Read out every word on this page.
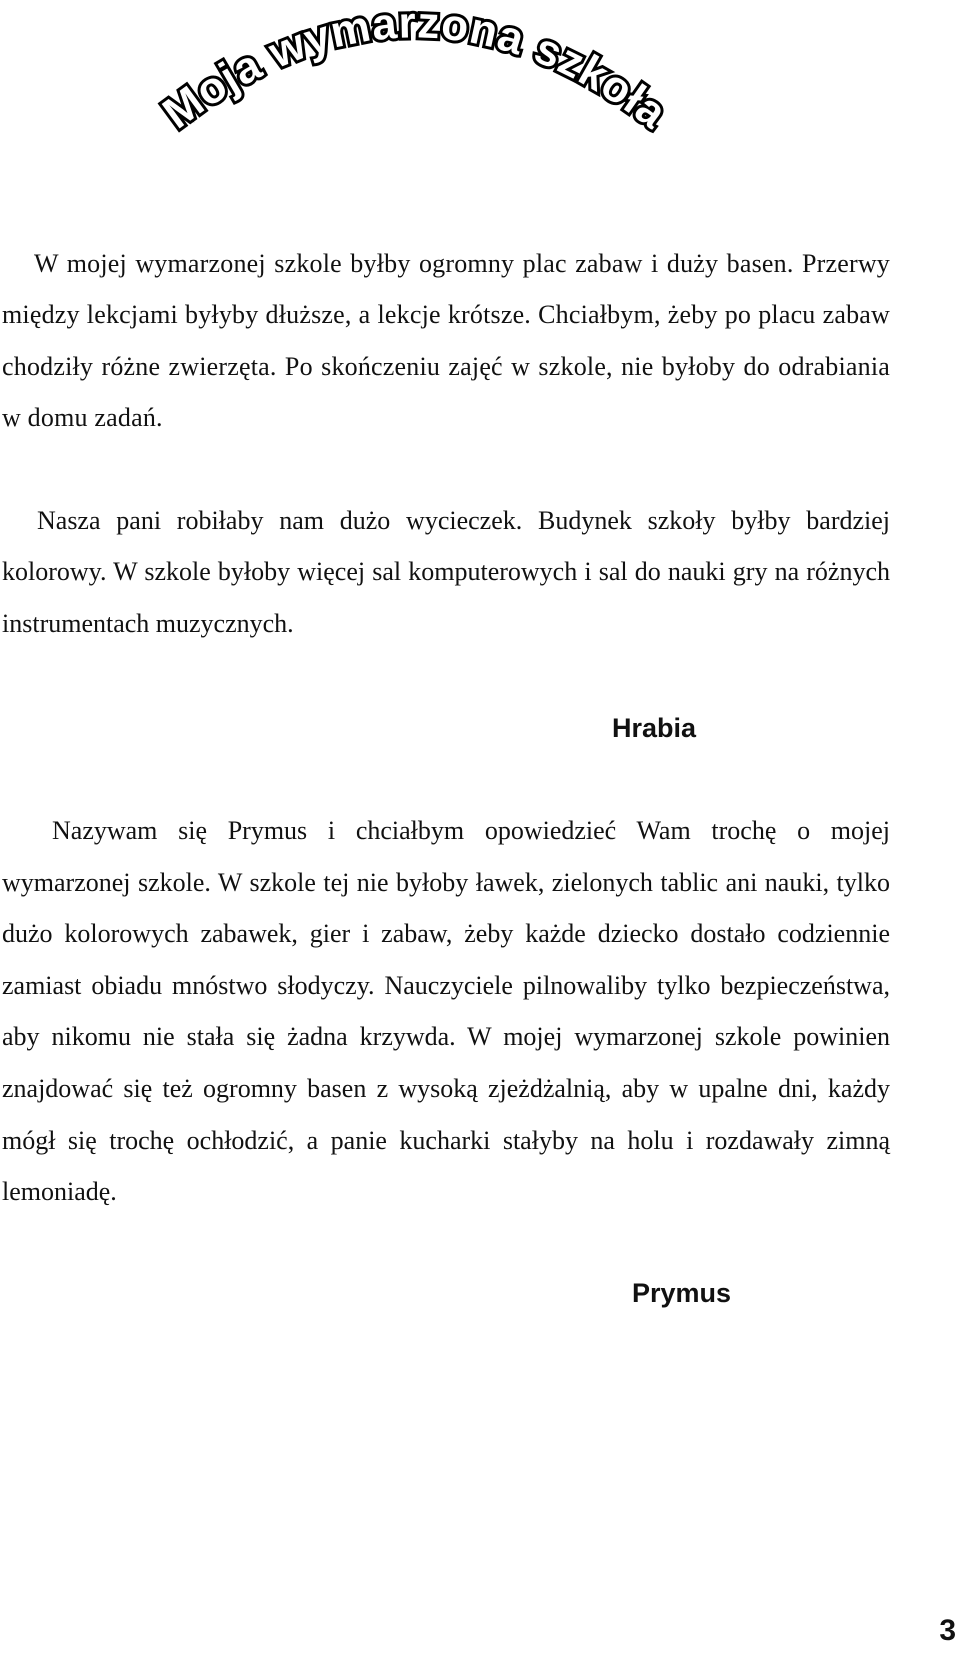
Moja wymarzona szkoła

W mojej wymarzonej szkole byłby ogromny plac zabaw i duży basen. Przerwy między lekcjami byłyby dłuższe, a lekcje krótsze. Chciałbym, żeby po placu zabaw chodziły różne zwierzęta. Po skończeniu zajęć w szkole, nie byłoby do odrabiania w domu zadań.

Nasza pani robiłaby nam dużo wycieczek. Budynek szkoły byłby bardziej kolorowy. W szkole byłoby więcej sal komputerowych i sal do nauki gry na różnych instrumentach muzycznych.

Hrabia

Nazywam się Prymus i chciałbym opowiedzieć Wam trochę o mojej wymarzonej szkole. W szkole tej nie byłoby ławek, zielonych tablic ani nauki, tylko dużo kolorowych zabawek, gier i zabaw, żeby każde dziecko dostało codziennie zamiast obiadu mnóstwo słodyczy. Nauczyciele pilnowaliby tylko bezpieczeństwa, aby nikomu nie stała się żadna krzywda. W mojej wymarzonej szkole powinien znajdować się też ogromny basen z wysoką zjeżdżalnią, aby w upalne dni, każdy mógł się trochę ochłodzić, a panie kucharki stałyby na holu i rozdawały zimną lemoniadę.

Prymus

3
